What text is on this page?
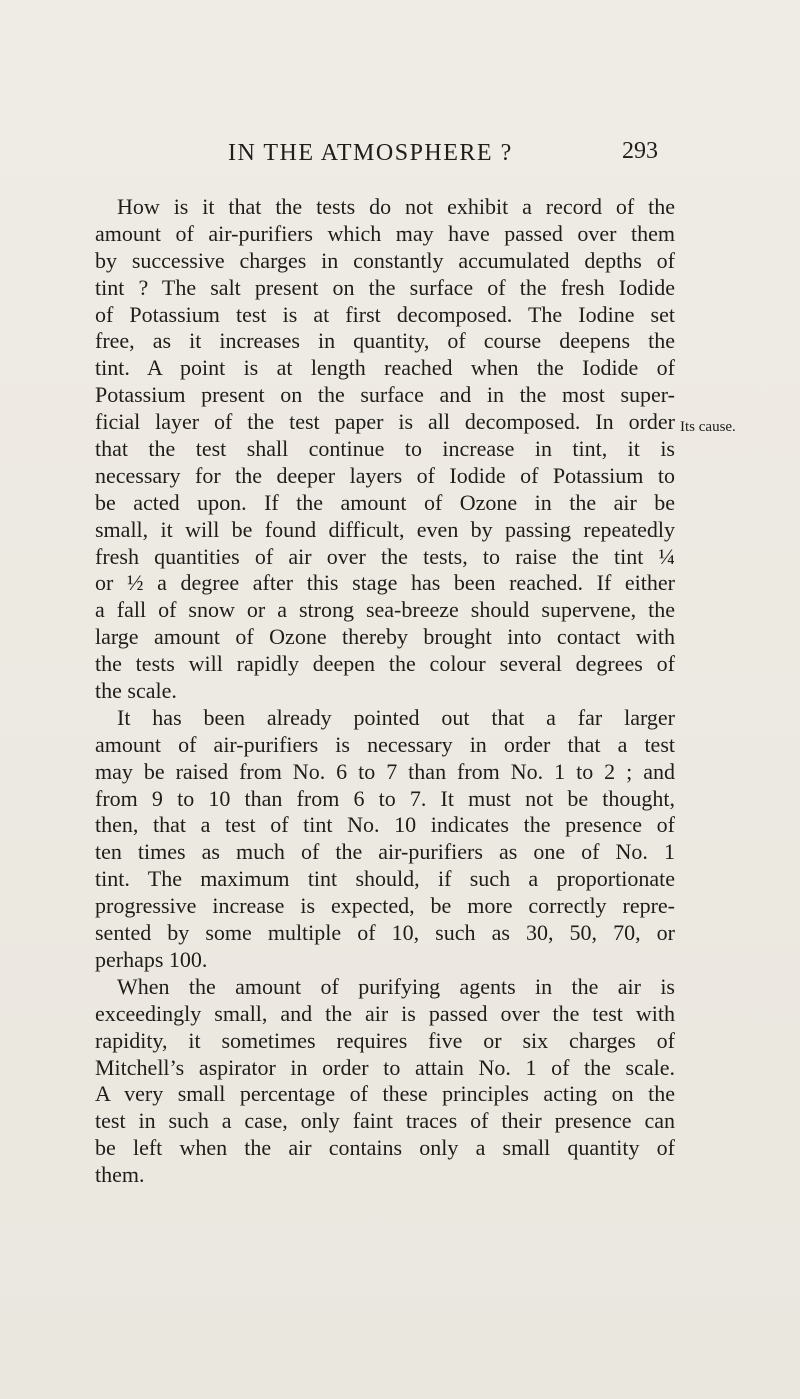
IN THE ATMOSPHERE ?	293
How is it that the tests do not exhibit a record of the
amount of air-purifiers which may have passed over them
by successive charges in constantly accumulated depths of
tint ? The salt present on the surface of the fresh Iodide
of Potassium test is at first decomposed. The Iodine set
free, as it increases in quantity, of course deepens the
tint. A point is at length reached when the Iodide of
Potassium present on the surface and in the most super-
ficial layer of the test paper is all decomposed. In order
that the test shall continue to increase in tint, it is
necessary for the deeper layers of Iodide of Potassium to
be acted upon. If the amount of Ozone in the air be
small, it will be found difficult, even by passing repeatedly
fresh quantities of air over the tests, to raise the tint ¼
or ½ a degree after this stage has been reached. If either
a fall of snow or a strong sea-breeze should supervene, the
large amount of Ozone thereby brought into contact with
the tests will rapidly deepen the colour several degrees of
the scale.
It has been already pointed out that a far larger
amount of air-purifiers is necessary in order that a test
may be raised from No. 6 to 7 than from No. 1 to 2 ; and
from 9 to 10 than from 6 to 7. It must not be thought,
then, that a test of tint No. 10 indicates the presence of
ten times as much of the air-purifiers as one of No. 1
tint. The maximum tint should, if such a proportionate
progressive increase is expected, be more correctly repre-
sented by some multiple of 10, such as 30, 50, 70, or
perhaps 100.
When the amount of purifying agents in the air is
exceedingly small, and the air is passed over the test with
rapidity, it sometimes requires five or six charges of
Mitchell’s aspirator in order to attain No. 1 of the scale.
A very small percentage of these principles acting on the
test in such a case, only faint traces of their presence can
be left when the air contains only a small quantity of
them.
Its cause.
